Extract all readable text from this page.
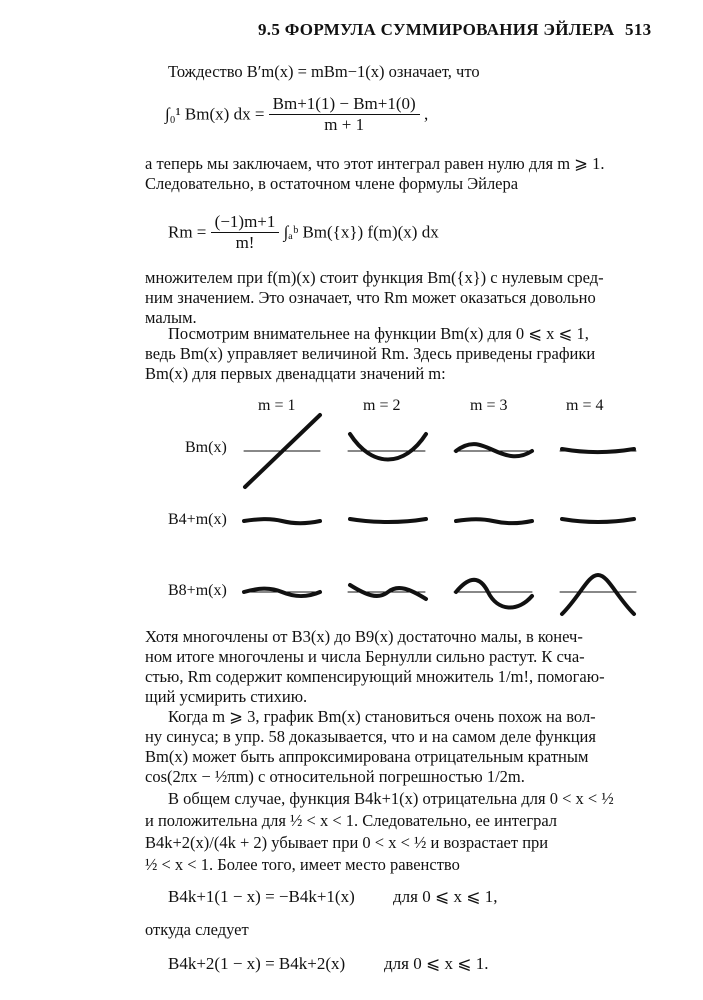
9.5 ФОРМУЛА СУММИРОВАНИЯ ЭЙЛЕРА 513
Тождество B′m(x) = mBm−1(x) означает, что
∫₀¹ Bm(x) dx = $\frac{Bm+1(1) - Bm+1(0)}{m + 1}$ ,
а теперь мы заключаем, что этот интеграл равен нулю для m ⩾ 1.
Следовательно, в остаточном члене формулы Эйлера
$Rm = \frac{(-1)m+1}{m!}$ ∫ₐᵇ Bm({x}) f(m)(x) dx
множителем при f(m)(x) стоит функция Bm({x}) с нулевым сред-
ним значением. Это означает, что Rm может оказаться довольно
малым.
Посмотрим внимательнее на функции Bm(x) для 0 ⩽ x ⩽ 1,
ведь Bm(x) управляет величиной Rm. Здесь приведены графики
Bm(x) для первых двенадцати значений m:
m = 1	m = 2	m = 3	m = 4
Bm(x)
B4+m(x)
B8+m(x)
Хотя многочлены от B3(x) до B9(x) достаточно малы, в конеч-
ном итоге многочлены и числа Бернулли сильно растут. К сча-
стью, Rm содержит компенсирующий множитель 1/m!, помогаю-
щий усмирить стихию.
Когда m ⩾ 3, график Bm(x) становиться очень похож на вол-
ну синуса; в упр. 58 доказывается, что и на самом деле функция
Bm(x) может быть аппроксимирована отрицательным кратным
cos(2πx − ½πm) с относительной погрешностью 1/2m.
В общем случае, функция B4k+1(x) отрицательна для 0 < x < ½
и положительна для ½ < x < 1. Следовательно, ее интеграл
B4k+2(x)/(4k + 2) убывает при 0 < x < ½ и возрастает при
½ < x < 1. Более того, имеет место равенство
B4k+1(1 − x) = −B4k+1(x) для 0 ⩽ x ⩽ 1,
откуда следует
B4k+2(1 − x) = B4k+2(x) для 0 ⩽ x ⩽ 1.
